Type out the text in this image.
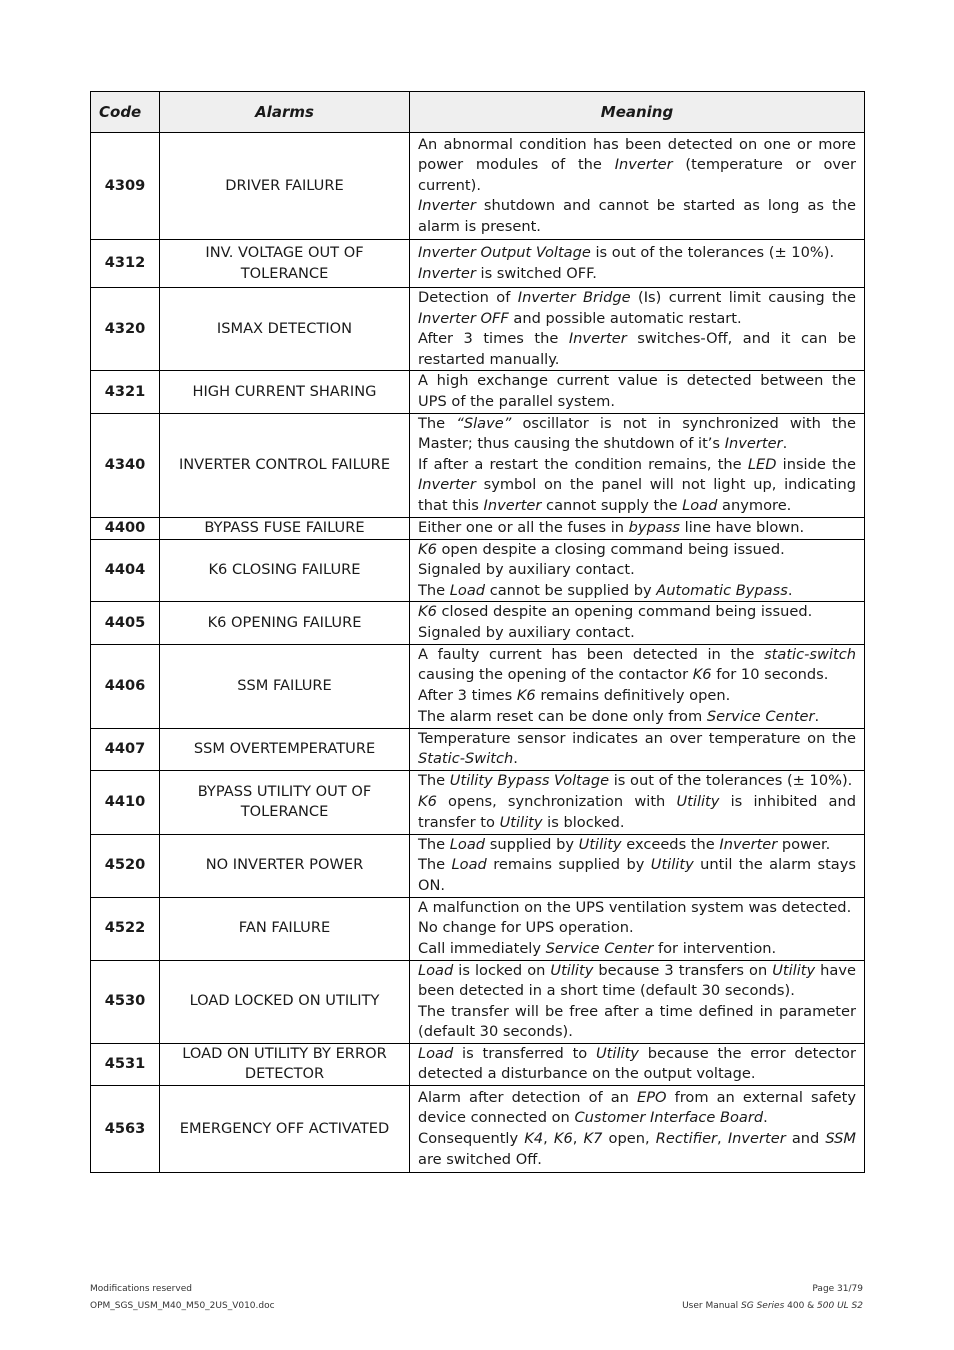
Code	Alarms	Meaning
4309	DRIVER FAILURE	An abnormal condition has been detected on one or more power modules of the Inverter (temperature or over current).
Inverter shutdown and cannot be started as long as the alarm is present.

4312	INV. VOLTAGE OUT OF TOLERANCE	Inverter Output Voltage is out of the tolerances (± 10%).
Inverter is switched OFF.

4320	ISMAX DETECTION	Detection of Inverter Bridge (Is) current limit causing the Inverter OFF and possible automatic restart.
After 3 times the Inverter switches-Off, and it can be restarted manually.

4321	HIGH CURRENT SHARING	A high exchange current value is detected between the UPS of the parallel system.

4340	INVERTER CONTROL FAILURE	The “Slave” oscillator is not in synchronized with the Master; thus causing the shutdown of it’s Inverter.
If after a restart the condition remains, the LED inside the Inverter symbol on the panel will not light up, indicating that this Inverter cannot supply the Load anymore.

4400	BYPASS FUSE FAILURE	Either one or all the fuses in bypass line have blown.

4404	K6 CLOSING FAILURE	K6 open despite a closing command being issued.
Signaled by auxiliary contact.
The Load cannot be supplied by Automatic Bypass.

4405	K6 OPENING FAILURE	K6 closed despite an opening command being issued.
Signaled by auxiliary contact.

4406	SSM FAILURE	A faulty current has been detected in the static-switch causing the opening of the contactor K6 for 10 seconds.
After 3 times K6 remains definitively open.
The alarm reset can be done only from Service Center.

4407	SSM OVERTEMPERATURE	Temperature sensor indicates an over temperature on the Static-Switch.

4410	BYPASS UTILITY OUT OF TOLERANCE	The Utility Bypass Voltage is out of the tolerances (± 10%).
K6 opens, synchronization with Utility is inhibited and transfer to Utility is blocked.

4520	NO INVERTER POWER	The Load supplied by Utility exceeds the Inverter power.
The Load remains supplied by Utility until the alarm stays ON.

4522	FAN FAILURE	A malfunction on the UPS ventilation system was detected.
No change for UPS operation.
Call immediately Service Center for intervention.

4530	LOAD LOCKED ON UTILITY	Load is locked on Utility because 3 transfers on Utility have been detected in a short time (default 30 seconds).
The transfer will be free after a time defined in parameter (default 30 seconds).

4531	LOAD ON UTILITY BY ERROR DETECTOR	Load is transferred to Utility because the error detector detected a disturbance on the output voltage.

4563	EMERGENCY OFF ACTIVATED	Alarm after detection of an EPO from an external safety device connected on Customer Interface Board.
Consequently K4, K6, K7 open, Rectifier, Inverter and SSM are switched Off.
Modifications reserved
OPM_SGS_USM_M40_M50_2US_V010.doc
Page 31/79
User Manual SG Series 400 & 500 UL S2
